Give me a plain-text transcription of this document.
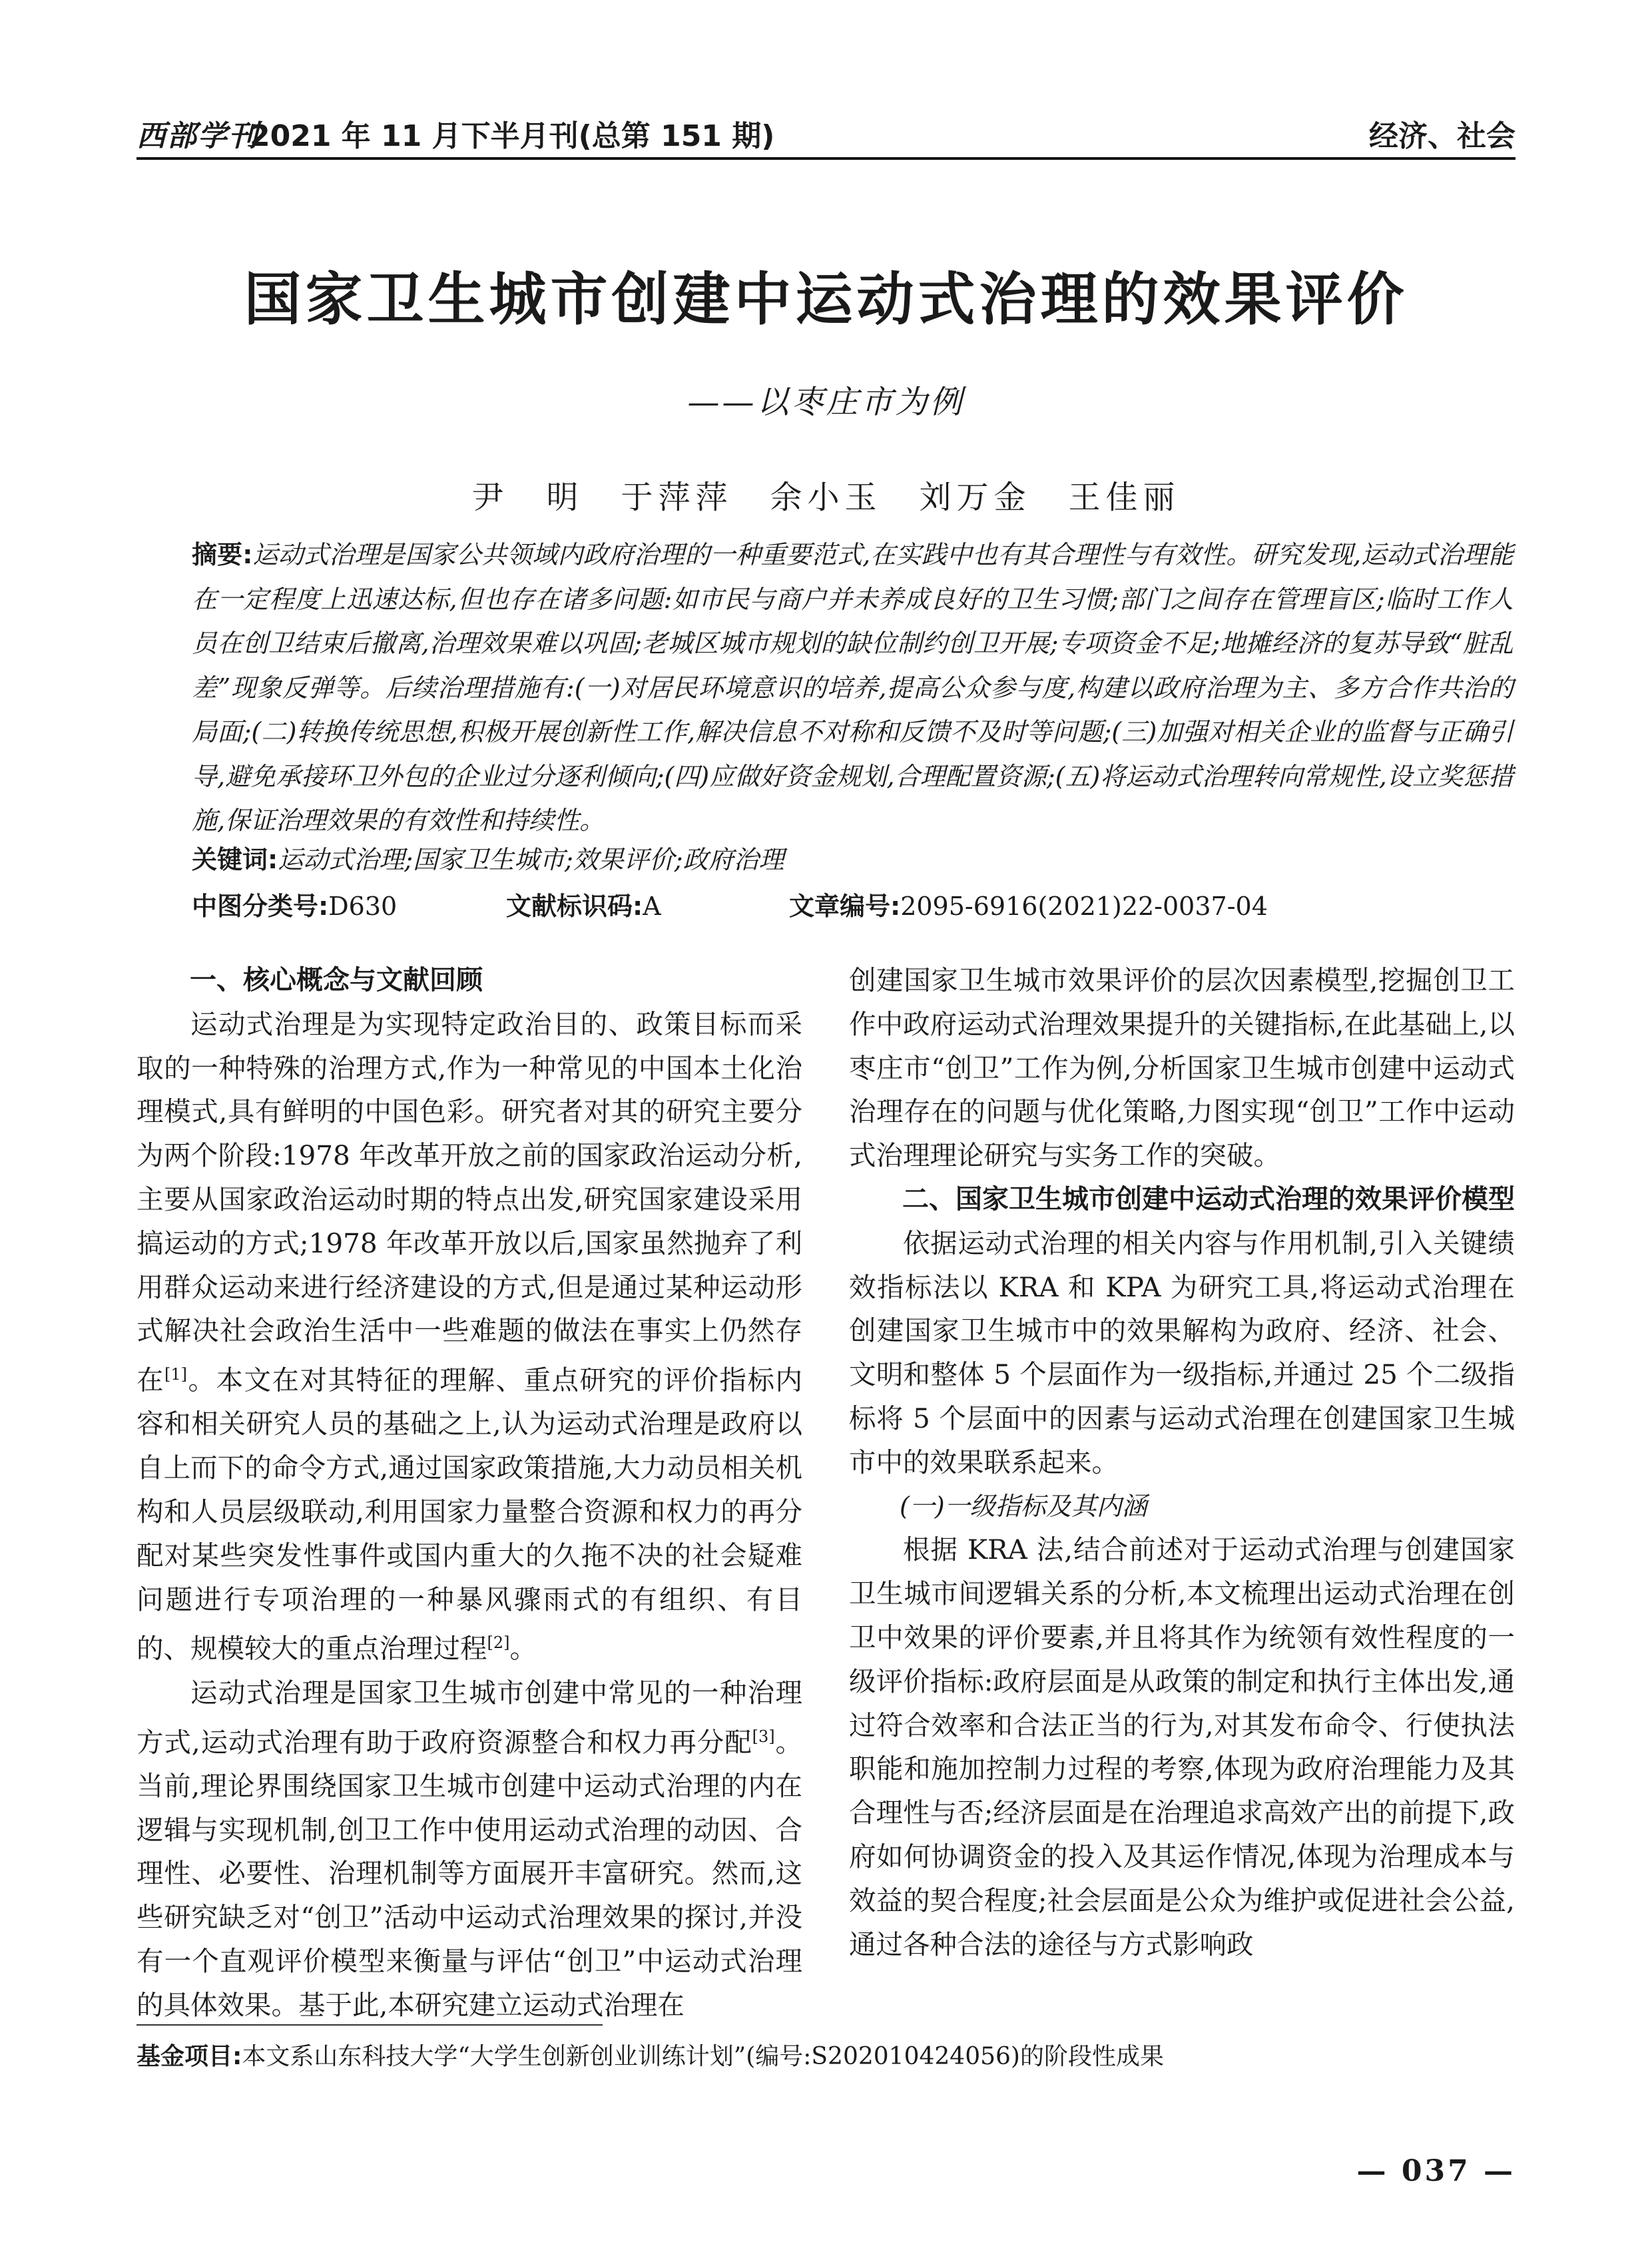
西部学刊
2021 年 11 月下半月刊(总第 151 期)	经济、社会
国家卫生城市创建中运动式治理的效果评价
——以枣庄市为例
尹　明　于萍萍　余小玉　刘万金　王佳丽
摘要:运动式治理是国家公共领域内政府治理的一种重要范式,在实践中也有其合理性与有效性。研究发现,运动式治理能在一定程度上迅速达标,但也存在诸多问题:如市民与商户并未养成良好的卫生习惯;部门之间存在管理盲区;临时工作人员在创卫结束后撤离,治理效果难以巩固;老城区城市规划的缺位制约创卫开展;专项资金不足;地摊经济的复苏导致“脏乱差”现象反弹等。后续治理措施有:(一)对居民环境意识的培养,提高公众参与度,构建以政府治理为主、多方合作共治的局面;(二)转换传统思想,积极开展创新性工作,解决信息不对称和反馈不及时等问题;(三)加强对相关企业的监督与正确引导,避免承接环卫外包的企业过分逐利倾向;(四)应做好资金规划,合理配置资源;(五)将运动式治理转向常规性,设立奖惩措施,保证治理效果的有效性和持续性。
关键词:运动式治理;国家卫生城市;效果评价;政府治理
中图分类号:D630	文献标识码:A	文章编号:2095-6916(2021)22-0037-04
一、核心概念与文献回顾

运动式治理是为实现特定政治目的、政策目标而采取的一种特殊的治理方式,作为一种常见的中国本土化治理模式,具有鲜明的中国色彩。研究者对其的研究主要分为两个阶段:1978 年改革开放之前的国家政治运动分析,主要从国家政治运动时期的特点出发,研究国家建设采用搞运动的方式;1978 年改革开放以后,国家虽然抛弃了利用群众运动来进行经济建设的方式,但是通过某种运动形式解决社会政治生活中一些难题的做法在事实上仍然存在[1]。本文在对其特征的理解、重点研究的评价指标内容和相关研究人员的基础之上,认为运动式治理是政府以自上而下的命令方式,通过国家政策措施,大力动员相关机构和人员层级联动,利用国家力量整合资源和权力的再分配对某些突发性事件或国内重大的久拖不决的社会疑难问题进行专项治理的一种暴风骤雨式的有组织、有目的、规模较大的重点治理过程[2]。

运动式治理是国家卫生城市创建中常见的一种治理方式,运动式治理有助于政府资源整合和权力再分配[3]。当前,理论界围绕国家卫生城市创建中运动式治理的内在逻辑与实现机制,创卫工作中使用运动式治理的动因、合理性、必要性、治理机制等方面展开丰富研究。然而,这些研究缺乏对“创卫”活动中运动式治理效果的探讨,并没有一个直观评价模型来衡量与评估“创卫”中运动式治理的具体效果。基于此,本研究建立运动式治理在

创建国家卫生城市效果评价的层次因素模型,挖掘创卫工作中政府运动式治理效果提升的关键指标,在此基础上,以枣庄市“创卫”工作为例,分析国家卫生城市创建中运动式治理存在的问题与优化策略,力图实现“创卫”工作中运动式治理理论研究与实务工作的突破。

二、国家卫生城市创建中运动式治理的效果评价模型

依据运动式治理的相关内容与作用机制,引入关键绩效指标法以 KRA 和 KPA 为研究工具,将运动式治理在创建国家卫生城市中的效果解构为政府、经济、社会、文明和整体 5 个层面作为一级指标,并通过 25 个二级指标将 5 个层面中的因素与运动式治理在创建国家卫生城市中的效果联系起来。

(一)一级指标及其内涵

根据 KRA 法,结合前述对于运动式治理与创建国家卫生城市间逻辑关系的分析,本文梳理出运动式治理在创卫中效果的评价要素,并且将其作为统领有效性程度的一级评价指标:政府层面是从政策的制定和执行主体出发,通过符合效率和合法正当的行为,对其发布命令、行使执法职能和施加控制力过程的考察,体现为政府治理能力及其合理性与否;经济层面是在治理追求高效产出的前提下,政府如何协调资金的投入及其运作情况,体现为治理成本与效益的契合程度;社会层面是公众为维护或促进社会公益,通过各种合法的途径与方式影响政

基金项目:本文系山东科技大学“大学生创新创业训练计划”(编号:S202010424056)的阶段性成果
— 037 —
